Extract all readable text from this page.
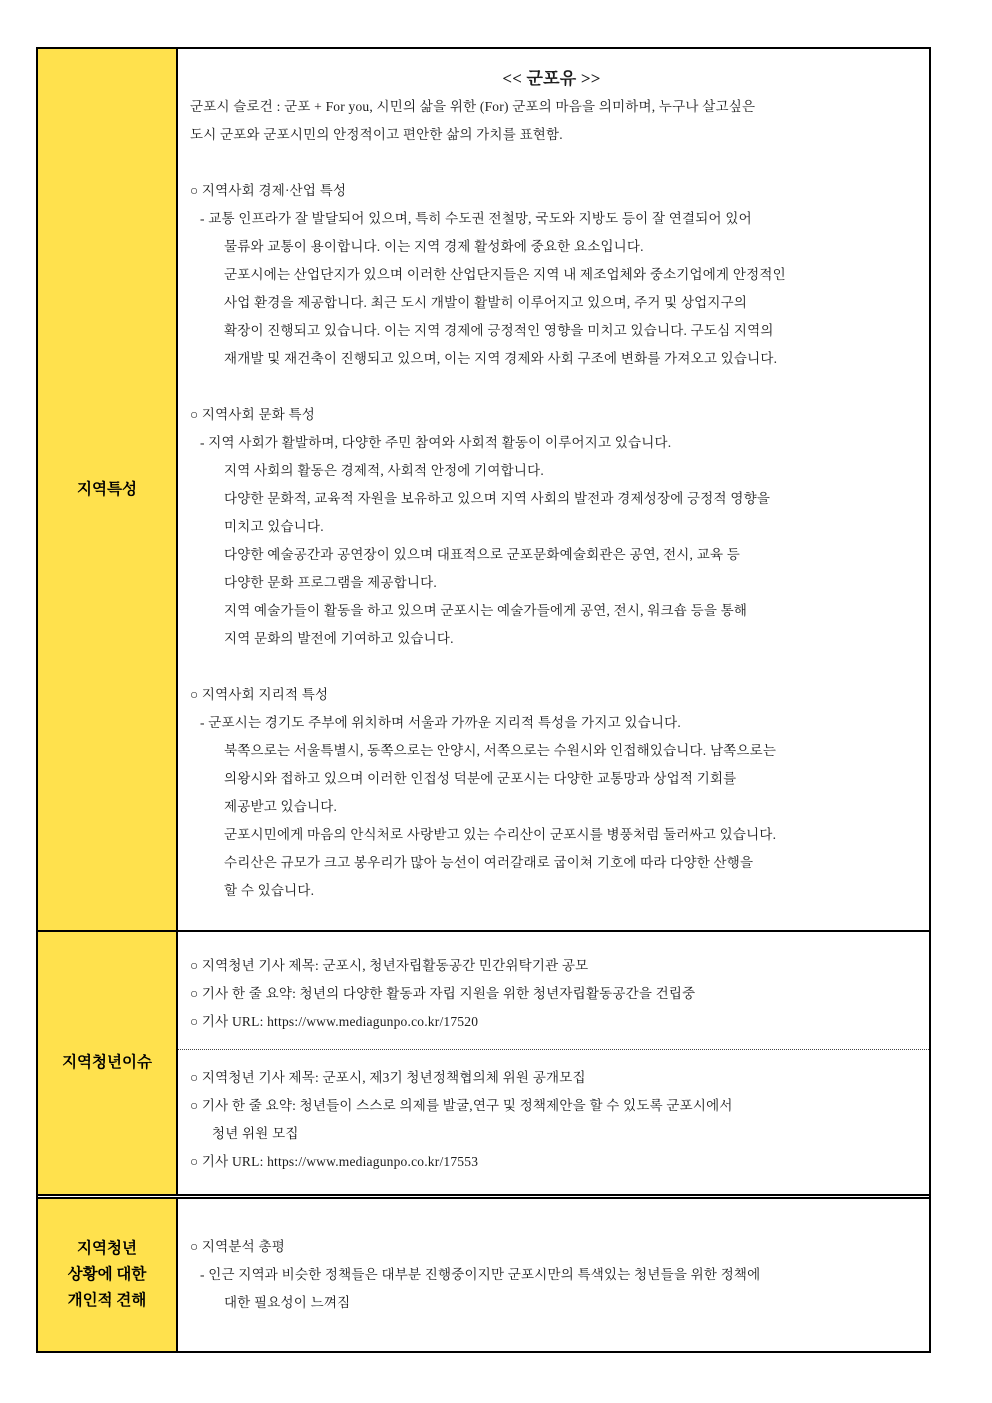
지역특성
<< 군포유 >>
군포시 슬로건 : 군포 + For you, 시민의 삶을 위한 (For) 군포의 마음을 의미하며, 누구나 살고싶은
도시 군포와 군포시민의 안정적이고 편안한 삶의 가치를 표현함.

○ 지역사회 경제·산업 특성
- 교통 인프라가 잘 발달되어 있으며, 특히 수도권 전철망, 국도와 지방도 등이 잘 연결되어 있어
물류와 교통이 용이합니다. 이는 지역 경제 활성화에 중요한 요소입니다.
군포시에는 산업단지가 있으며 이러한 산업단지들은 지역 내 제조업체와 중소기업에게 안정적인
사업 환경을 제공합니다. 최근 도시 개발이 활발히 이루어지고 있으며, 주거 및 상업지구의
확장이 진행되고 있습니다. 이는 지역 경제에 긍정적인 영향을 미치고 있습니다. 구도심 지역의
재개발 및 재건축이 진행되고 있으며, 이는 지역 경제와 사회 구조에 변화를 가져오고 있습니다.

○ 지역사회 문화 특성
- 지역 사회가 활발하며, 다양한 주민 참여와 사회적 활동이 이루어지고 있습니다.
지역 사회의 활동은 경제적, 사회적 안정에 기여합니다.
다양한 문화적, 교육적 자원을 보유하고 있으며 지역 사회의 발전과 경제성장에 긍정적 영향을
미치고 있습니다.
다양한 예술공간과 공연장이 있으며 대표적으로 군포문화예술회관은 공연, 전시, 교육 등
다양한 문화 프로그램을 제공합니다.
지역 예술가들이 활동을 하고 있으며 군포시는 예술가들에게 공연, 전시, 워크숍 등을 통해
지역 문화의 발전에 기여하고 있습니다.

○ 지역사회 지리적 특성
- 군포시는 경기도 주부에 위치하며 서울과 가까운 지리적 특성을 가지고 있습니다.
북쪽으로는 서울특별시, 동쪽으로는 안양시, 서쪽으로는 수원시와 인접해있습니다. 남쪽으로는
의왕시와 접하고 있으며 이러한 인접성 덕분에 군포시는 다양한 교통망과 상업적 기회를
제공받고 있습니다.
군포시민에게 마음의 안식처로 사랑받고 있는 수리산이 군포시를 병풍처럼 둘러싸고 있습니다.
수리산은 규모가 크고 봉우리가 많아 능선이 여러갈래로 굽이쳐 기호에 따라 다양한 산행을
할 수 있습니다.
지역청년이슈
○ 지역청년 기사 제목: 군포시, 청년자립활동공간 민간위탁기관 공모
○ 기사 한 줄 요약: 청년의 다양한 활동과 자립 지원을 위한 청년자립활동공간을 건립중
○ 기사 URL: https://www.mediagunpo.co.kr/17520
○ 지역청년 기사 제목: 군포시, 제3기 청년정책협의체 위원 공개모집
○ 기사 한 줄 요약: 청년들이 스스로 의제를 발굴,연구 및 정책제안을 할 수 있도록 군포시에서
청년 위원 모집
○ 기사 URL: https://www.mediagunpo.co.kr/17553
지역청년
상황에 대한
개인적 견해
○ 지역분석 총평
- 인근 지역과 비슷한 정책들은 대부분 진행중이지만 군포시만의 특색있는 청년들을 위한 정책에
대한 필요성이 느껴짐
